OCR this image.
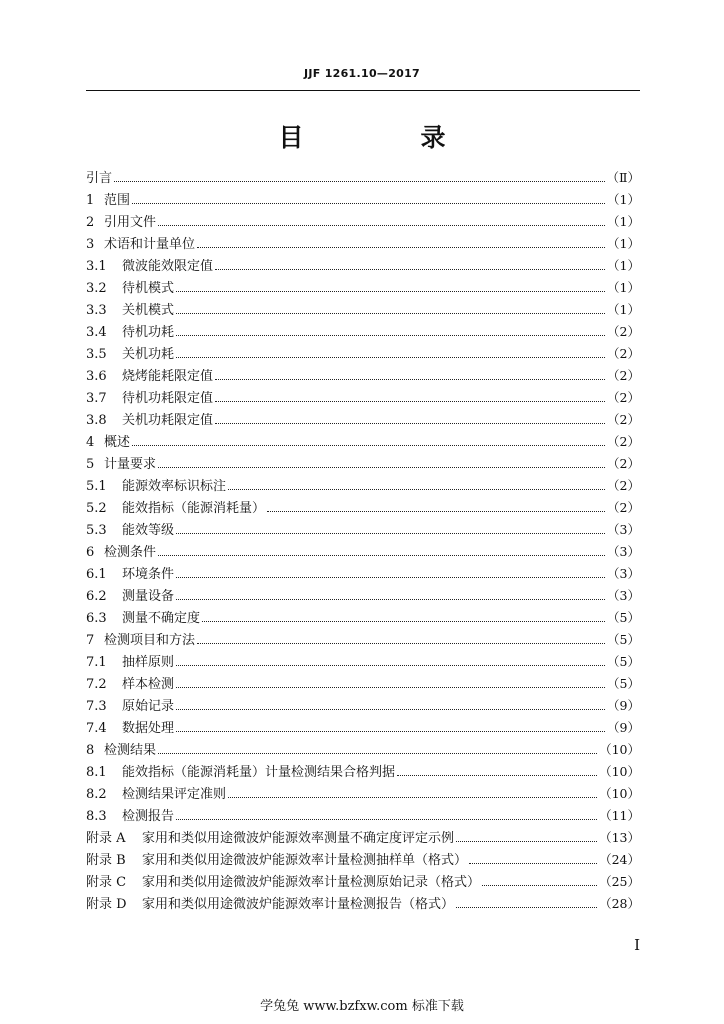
JJF 1261.10—2017
目　录
引言	（Ⅱ）
1 范围	（1）
2 引用文件	（1）
3 术语和计量单位	（1）
3.1	微波能效限定值	（1）
3.2	待机模式	（1）
3.3	关机模式	（1）
3.4	待机功耗	（2）
3.5	关机功耗	（2）
3.6	烧烤能耗限定值	（2）
3.7	待机功耗限定值	（2）
3.8	关机功耗限定值	（2）
4 概述	（2）
5 计量要求	（2）
5.1	能源效率标识标注	（2）
5.2	能效指标（能源消耗量）	（2）
5.3	能效等级	（3）
6 检测条件	（3）
6.1	环境条件	（3）
6.2	测量设备	（3）
6.3	测量不确定度	（5）
7 检测项目和方法	（5）
7.1	抽样原则	（5）
7.2	样本检测	（5）
7.3	原始记录	（9）
7.4	数据处理	（9）
8 检测结果	（10）
8.1	能效指标（能源消耗量）计量检测结果合格判据	（10）
8.2	检测结果评定准则	（10）
8.3	检测报告	（11）
附录 A	家用和类似用途微波炉能源效率测量不确定度评定示例	（13）
附录 B	家用和类似用途微波炉能源效率计量检测抽样单（格式）	（24）
附录 C	家用和类似用途微波炉能源效率计量检测原始记录（格式）	（25）
附录 D	家用和类似用途微波炉能源效率计量检测报告（格式）	（28）
Ⅰ
学兔兔 www.bzfxw.com 标准下载
